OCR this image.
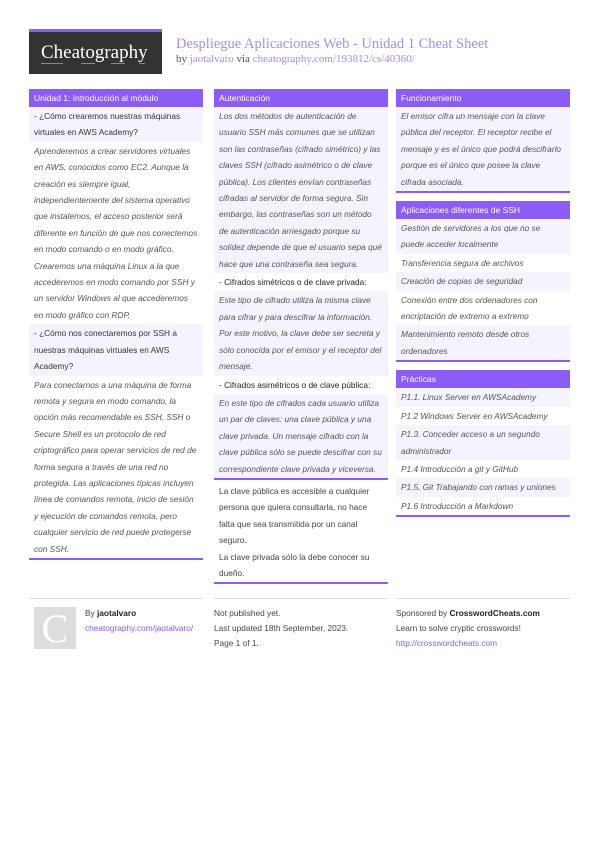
Cheatography Despliegue Aplicaciones Web - Unidad 1 Cheat Sheet
by jaotalvaro via cheatography.com/193812/cs/40360/
Unidad 1: Introducción al módulo
- ¿Cómo crearemos nuestras máquinas virtuales en AWS Academy?
Aprenderemos a crear servidores virtuales en AWS, conocidos como EC2. Aunque la creación es siempre igual, independientemente del sistema operativo que instalemos, el acceso posterior será diferente en función de que nos conectemos en modo comando o en modo gráfico. Crearemos una máquina Linux a la que accederemos en modo comando por SSH y un servidor Windows al que accederemos en modo gráfico con RDP.
- ¿Cómo nos conectaremos por SSH a nuestras máquinas virtuales en AWS Academy?
Para conectarnos a una máquina de forma remota y segura en modo comando, la opción más recomendable es SSH. SSH o Secure Shell es un protocolo de red criptográfico para operar servicios de red de forma segura a través de una red no protegida. Las aplicaciones típicas incluyen línea de comandos remota, inicio de sesión y ejecución de comandos remota, pero cualquier servicio de red puede protegerse con SSH.
Autenticación
Los dos métodos de autenticación de usuario SSH más comunes que se utilizan son las contraseñas (cifrado simétrico) y las claves SSH (cifrado asimétrico o de clave pública). Los clientes envían contraseñas cifradas al servidor de forma segura. Sin embargo, las contraseñas son un método de autenticación arriesgado porque su solidez depende de que el usuario sepa qué hace que una contraseña sea segura.
- Cifrados simétricos o de clave privada:
Este tipo de cifrado utiliza la misma clave para cifrar y para descifrar la información. Por este motivo, la clave debe ser secreta y sólo conocida por el emisor y el receptor del mensaje.
- Cifrados asimétricos o de clave pública:
En este tipo de cifrados cada usuario utiliza un par de claves: una clave pública y una clave privada. Un mensaje cifrado con la clave pública sólo se puede descifrar con su correspondiente clave privada y viceversa.
La clave pública es accesible a cualquier persona que quiera consultarla, no hace falta que sea transmitida por un canal seguro.
La clave privada sólo la debe conocer su dueño.
Funcionamiento
El emisor cifra un mensaje con la clave pública del receptor. El receptor recibe el mensaje y es el único que podrá descifrarlo porque es el único que posee la clave cifrada asociada.
Aplicaciones diferentes de SSH
Gestión de servidores a los que no se puede acceder localmente
Transferencia segura de archivos
Creación de copias de seguridad
Conexión entre dos ordenadores con encriptación de extremo a extremo
Mantenimiento remoto desde otros ordenadores
Prácticas
P1.1. Linux Server en AWSAcademy
P1.2 Windows Server en AWSAcademy
P1.3. Conceder acceso a un segundo administrador
P1.4 Introducción a git y GitHub
P1.5. Git Trabajando con ramas y uniones
P1.6 Introducción a Markdown
C	By jaotalvaro
cheatography.com/jaotalvaro/
Not published yet.
Last updated 18th September, 2023.
Page 1 of 1.
Sponsored by CrosswordCheats.com
Learn to solve cryptic crosswords!
http://crosswordcheats.com
